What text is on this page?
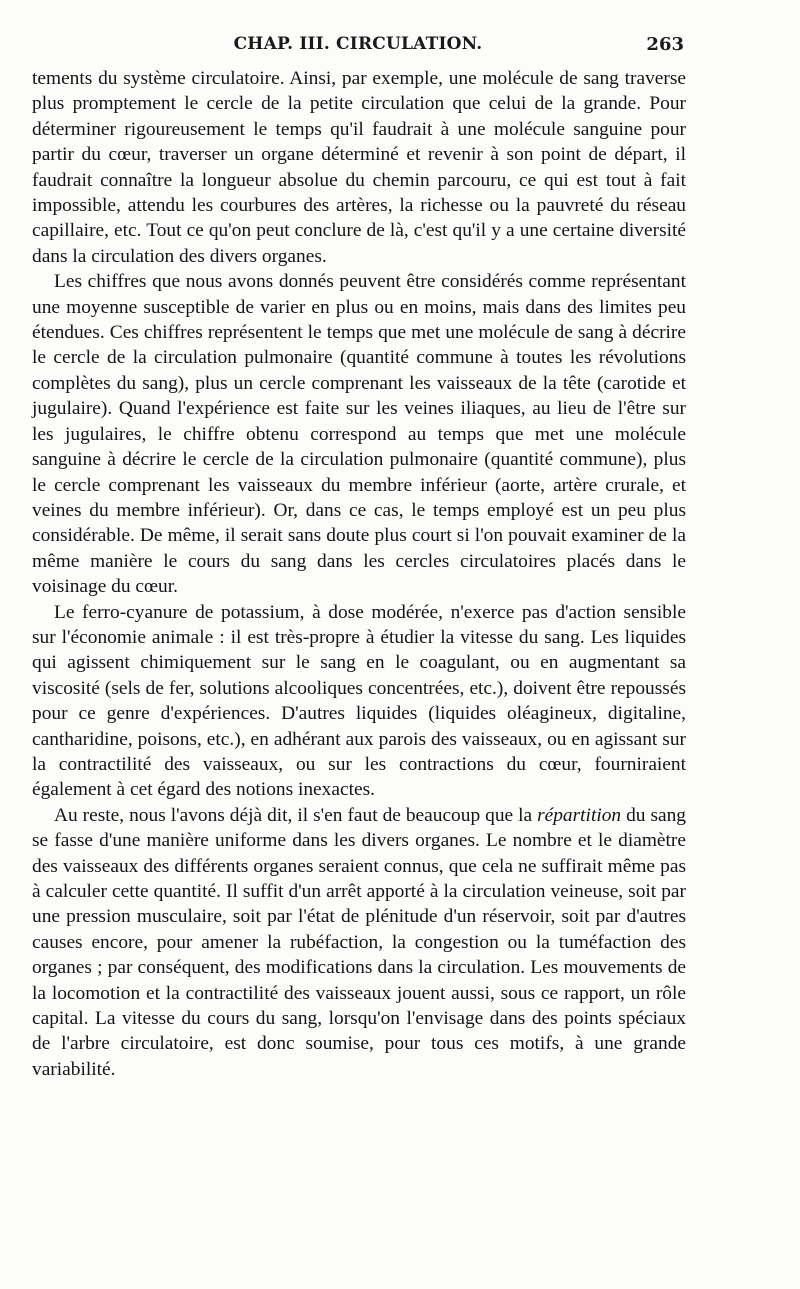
CHAP. III. CIRCULATION.	263

tements du système circulatoire. Ainsi, par exemple, une molécule de sang traverse plus promptement le cercle de la petite circulation que celui de la grande. Pour déterminer rigoureusement le temps qu'il faudrait à une molécule sanguine pour partir du cœur, traverser un organe déterminé et revenir à son point de départ, il faudrait connaître la longueur absolue du chemin parcouru, ce qui est tout à fait impossible, attendu les courbures des artères, la richesse ou la pauvreté du réseau capillaire, etc. Tout ce qu'on peut conclure de là, c'est qu'il y a une certaine diversité dans la circulation des divers organes.

Les chiffres que nous avons donnés peuvent être considérés comme représentant une moyenne susceptible de varier en plus ou en moins, mais dans des limites peu étendues. Ces chiffres représentent le temps que met une molécule de sang à décrire le cercle de la circulation pulmonaire (quantité commune à toutes les révolutions complètes du sang), plus un cercle comprenant les vaisseaux de la tête (carotide et jugulaire). Quand l'expérience est faite sur les veines iliaques, au lieu de l'être sur les jugulaires, le chiffre obtenu correspond au temps que met une molécule sanguine à décrire le cercle de la circulation pulmonaire (quantité commune), plus le cercle comprenant les vaisseaux du membre inférieur (aorte, artère crurale, et veines du membre inférieur). Or, dans ce cas, le temps employé est un peu plus considérable. De même, il serait sans doute plus court si l'on pouvait examiner de la même manière le cours du sang dans les cercles circulatoires placés dans le voisinage du cœur.

Le ferro-cyanure de potassium, à dose modérée, n'exerce pas d'action sensible sur l'économie animale : il est très-propre à étudier la vitesse du sang. Les liquides qui agissent chimiquement sur le sang en le coagulant, ou en augmentant sa viscosité (sels de fer, solutions alcooliques concentrées, etc.), doivent être repoussés pour ce genre d'expériences. D'autres liquides (liquides oléagineux, digitaline, cantharidine, poisons, etc.), en adhérant aux parois des vaisseaux, ou en agissant sur la contractilité des vaisseaux, ou sur les contractions du cœur, fourniraient également à cet égard des notions inexactes.

Au reste, nous l'avons déjà dit, il s'en faut de beaucoup que la répartition du sang se fasse d'une manière uniforme dans les divers organes. Le nombre et le diamètre des vaisseaux des différents organes seraient connus, que cela ne suffirait même pas à calculer cette quantité. Il suffit d'un arrêt apporté à la circulation veineuse, soit par une pression musculaire, soit par l'état de plénitude d'un réservoir, soit par d'autres causes encore, pour amener la rubéfaction, la congestion ou la tuméfaction des organes ; par conséquent, des modifications dans la circulation. Les mouvements de la locomotion et la contractilité des vaisseaux jouent aussi, sous ce rapport, un rôle capital. La vitesse du cours du sang, lorsqu'on l'envisage dans des points spéciaux de l'arbre circulatoire, est donc soumise, pour tous ces motifs, à une grande variabilité.
